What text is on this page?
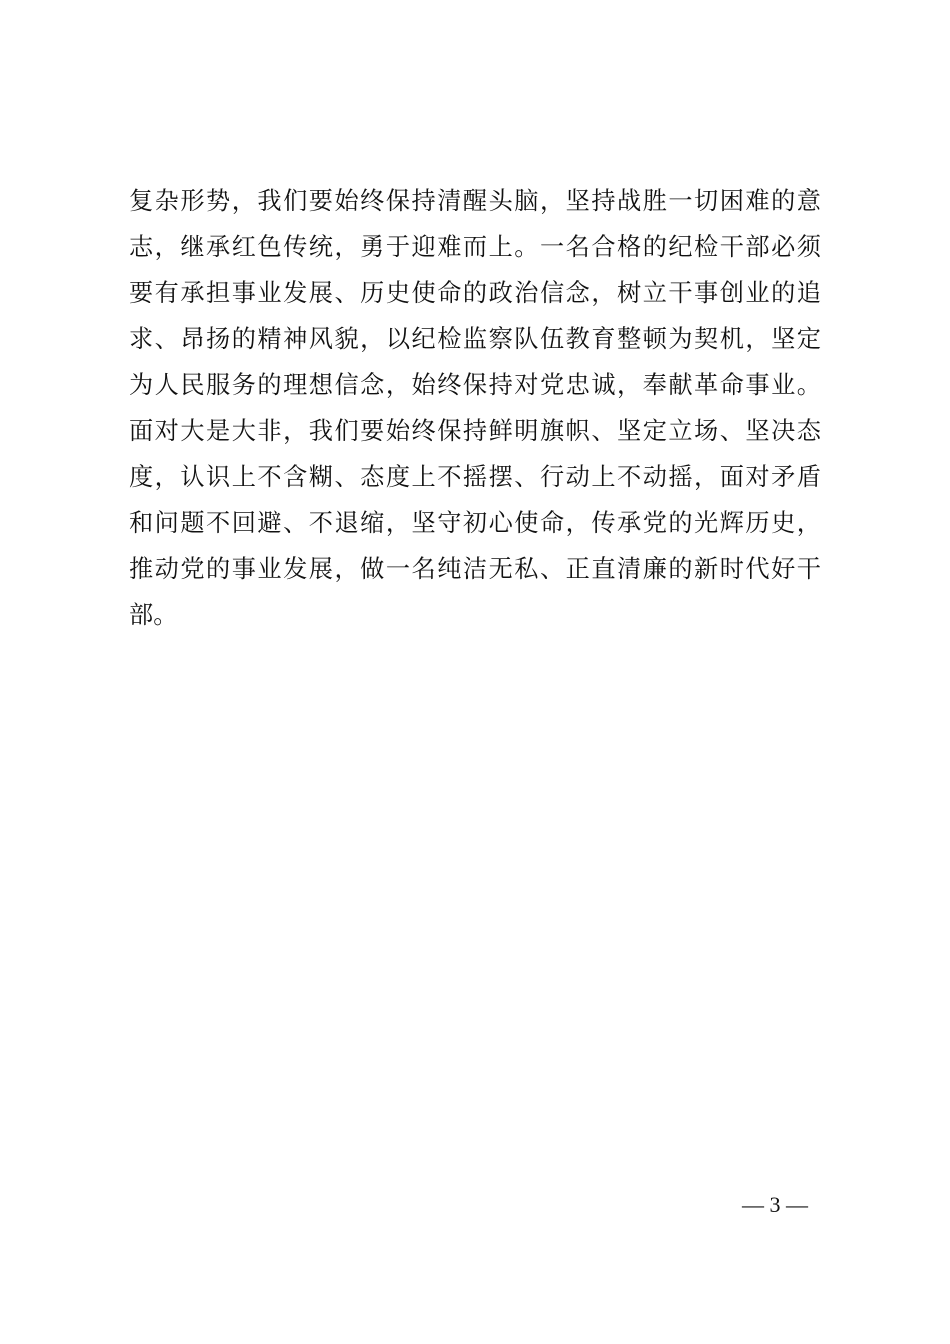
复杂形势，我们要始终保持清醒头脑，坚持战胜一切困难的意
志，继承红色传统，勇于迎难而上。一名合格的纪检干部必须
要有承担事业发展、历史使命的政治信念，树立干事创业的追
求、昂扬的精神风貌，以纪检监察队伍教育整顿为契机，坚定
为人民服务的理想信念，始终保持对党忠诚，奉献革命事业。
面对大是大非，我们要始终保持鲜明旗帜、坚定立场、坚决态
度，认识上不含糊、态度上不摇摆、行动上不动摇，面对矛盾
和问题不回避、不退缩，坚守初心使命，传承党的光辉历史，
推动党的事业发展，做一名纯洁无私、正直清廉的新时代好干
部。
— 3 —
